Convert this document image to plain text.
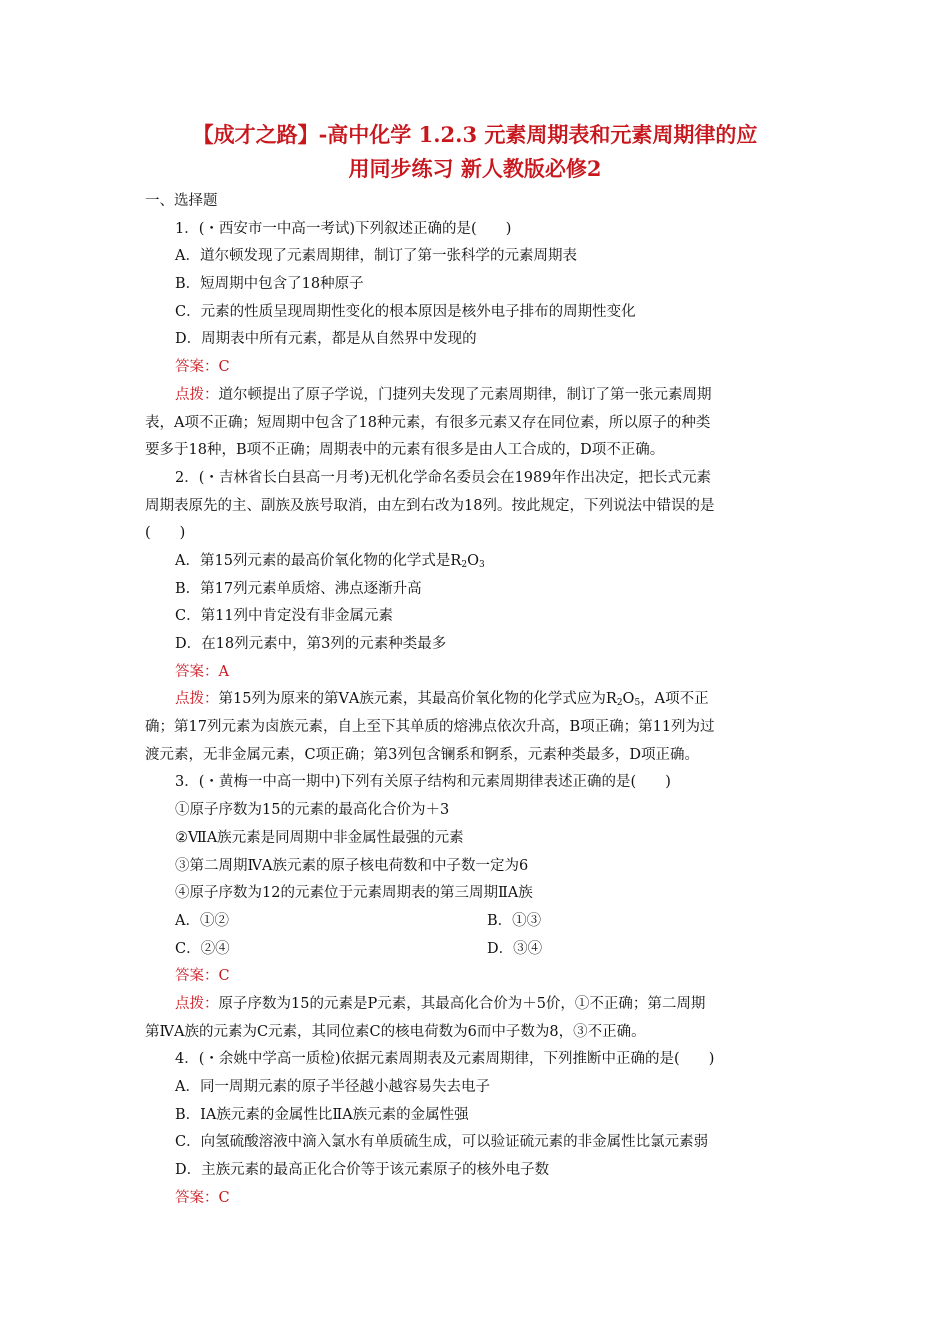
【成才之路】-高中化学 1.2.3 元素周期表和元素周期律的应
用同步练习 新人教版必修2
一、选择题
1．(・西安市一中高一考试)下列叙述正确的是(　　)
A．道尔顿发现了元素周期律，制订了第一张科学的元素周期表
B．短周期中包含了18种原子
C．元素的性质呈现周期性变化的根本原因是核外电子排布的周期性变化
D．周期表中所有元素，都是从自然界中发现的
答案：C
点拨：道尔顿提出了原子学说，门捷列夫发现了元素周期律，制订了第一张元素周期
表，A项不正确；短周期中包含了18种元素，有很多元素又存在同位素，所以原子的种类
要多于18种，B项不正确；周期表中的元素有很多是由人工合成的，D项不正确。
2．(・吉林省长白县高一月考)无机化学命名委员会在1989年作出决定，把长式元素
周期表原先的主、副族及族号取消，由左到右改为18列。按此规定，下列说法中错误的是
(　　)
A．第15列元素的最高价氧化物的化学式是$R_2O_3$
B．第17列元素单质熔、沸点逐渐升高
C．第11列中肯定没有非金属元素
D．在18列元素中，第3列的元素种类最多
答案：A
点拨：第15列为原来的第ⅤA族元素，其最高价氧化物的化学式应为$R_2O_5$，A项不正
确；第17列元素为卤族元素，自上至下其单质的熔沸点依次升高，B项正确；第11列为过
渡元素，无非金属元素，C项正确；第3列包含镧系和锕系，元素种类最多，D项正确。
3．(・黄梅一中高一期中)下列有关原子结构和元素周期律表述正确的是(　　)
①原子序数为15的元素的最高化合价为＋3
②ⅦA族元素是同周期中非金属性最强的元素
③第二周期ⅣA族元素的原子核电荷数和中子数一定为6
④原子序数为12的元素位于元素周期表的第三周期ⅡA族
A．①②	B．①③
C．②④	D．③④
答案：C
点拨：原子序数为15的元素是P元素，其最高化合价为＋5价，①不正确；第二周期
第ⅣA族的元素为C元素，其同位素C的核电荷数为6而中子数为8，③不正确。
4．(・余姚中学高一质检)依据元素周期表及元素周期律，下列推断中正确的是(　　)
A．同一周期元素的原子半径越小越容易失去电子
B．ⅠA族元素的金属性比ⅡA族元素的金属性强
C．向氢硫酸溶液中滴入氯水有单质硫生成，可以验证硫元素的非金属性比氯元素弱
D．主族元素的最高正化合价等于该元素原子的核外电子数
答案：C
